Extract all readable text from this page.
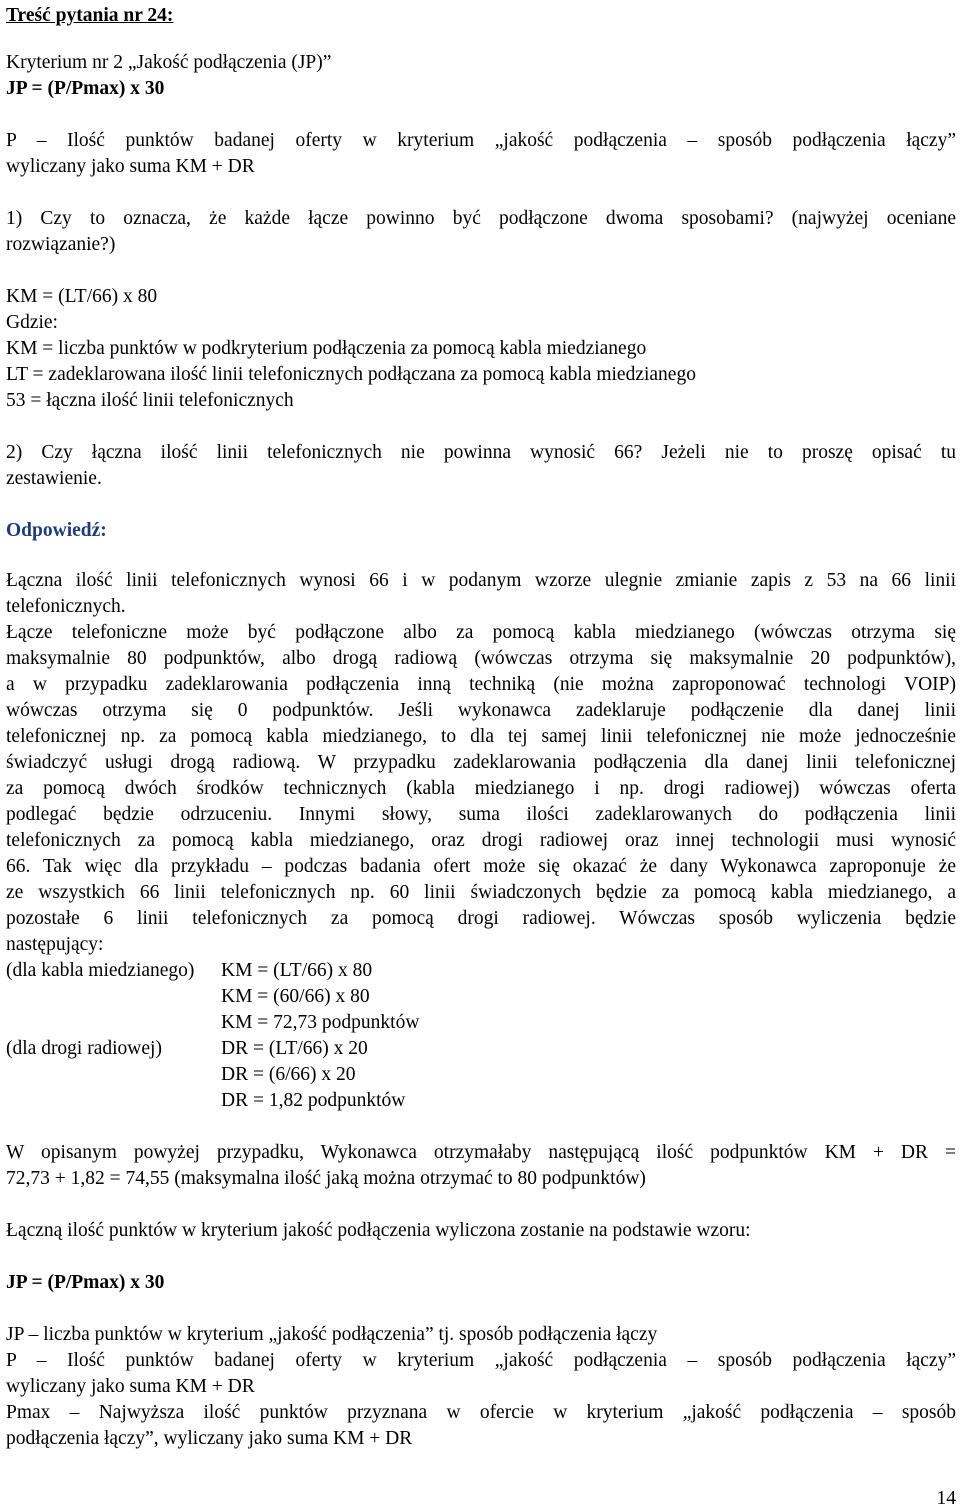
Treść pytania nr 24:
Kryterium nr 2 „Jakość podłączenia (JP)”
JP = (P/Pmax) x 30
P – Ilość punktów badanej oferty w kryterium „jakość podłączenia – sposób podłączenia łączy”
wyliczany jako suma KM + DR
1) Czy to oznacza, że każde łącze powinno być podłączone dwoma sposobami? (najwyżej oceniane
rozwiązanie?)
KM = (LT/66) x 80
Gdzie:
KM = liczba punktów w podkryterium podłączenia za pomocą kabla miedzianego
LT = zadeklarowana ilość linii telefonicznych podłączana za pomocą kabla miedzianego
53 = łączna ilość linii telefonicznych
2) Czy łączna ilość linii telefonicznych nie powinna wynosić 66? Jeżeli nie to proszę opisać tu
zestawienie.
Odpowiedź:
Łączna ilość linii telefonicznych wynosi 66 i w podanym wzorze ulegnie zmianie zapis z 53 na 66 linii
telefonicznych.
Łącze telefoniczne może być podłączone albo za pomocą kabla miedzianego (wówczas otrzyma się
maksymalnie 80 podpunktów, albo drogą radiową (wówczas otrzyma się maksymalnie 20 podpunktów),
a w przypadku zadeklarowania podłączenia inną techniką (nie można zaproponować technologi VOIP)
wówczas otrzyma się 0 podpunktów. Jeśli wykonawca zadeklaruje podłączenie dla danej linii
telefonicznej np. za pomocą kabla miedzianego, to dla tej samej linii telefonicznej nie może jednocześnie
świadczyć usługi drogą radiową. W przypadku zadeklarowania podłączenia dla danej linii telefonicznej
za pomocą dwóch środków technicznych (kabla miedzianego i np. drogi radiowej) wówczas oferta
podlegać będzie odrzuceniu. Innymi słowy, suma ilości zadeklarowanych do podłączenia linii
telefonicznych za pomocą kabla miedzianego, oraz drogi radiowej oraz innej technologii musi wynosić
66. Tak więc dla przykładu – podczas badania ofert może się okazać że dany Wykonawca zaproponuje że
ze wszystkich 66 linii telefonicznych np. 60 linii świadczonych będzie za pomocą kabla miedzianego, a
pozostałe 6 linii telefonicznych za pomocą drogi radiowej. Wówczas sposób wyliczenia będzie
następujący:
(dla kabla miedzianego) KM = (LT/66) x 80
KM = (60/66) x 80
KM = 72,73 podpunktów
(dla drogi radiowej)	DR = (LT/66) x 20
DR = (6/66) x 20
DR = 1,82 podpunktów
W opisanym powyżej przypadku, Wykonawca otrzymałaby następującą ilość podpunktów KM + DR =
72,73 + 1,82 = 74,55 (maksymalna ilość jaką można otrzymać to 80 podpunktów)
Łączną ilość punktów w kryterium jakość podłączenia wyliczona zostanie na podstawie wzoru:
JP = (P/Pmax) x 30
JP – liczba punktów w kryterium „jakość podłączenia” tj. sposób podłączenia łączy
P – Ilość punktów badanej oferty w kryterium „jakość podłączenia – sposób podłączenia łączy”
wyliczany jako suma KM + DR
Pmax – Najwyższa ilość punktów przyznana w ofercie w kryterium „jakość podłączenia – sposób
podłączenia łączy”, wyliczany jako suma KM + DR
14
